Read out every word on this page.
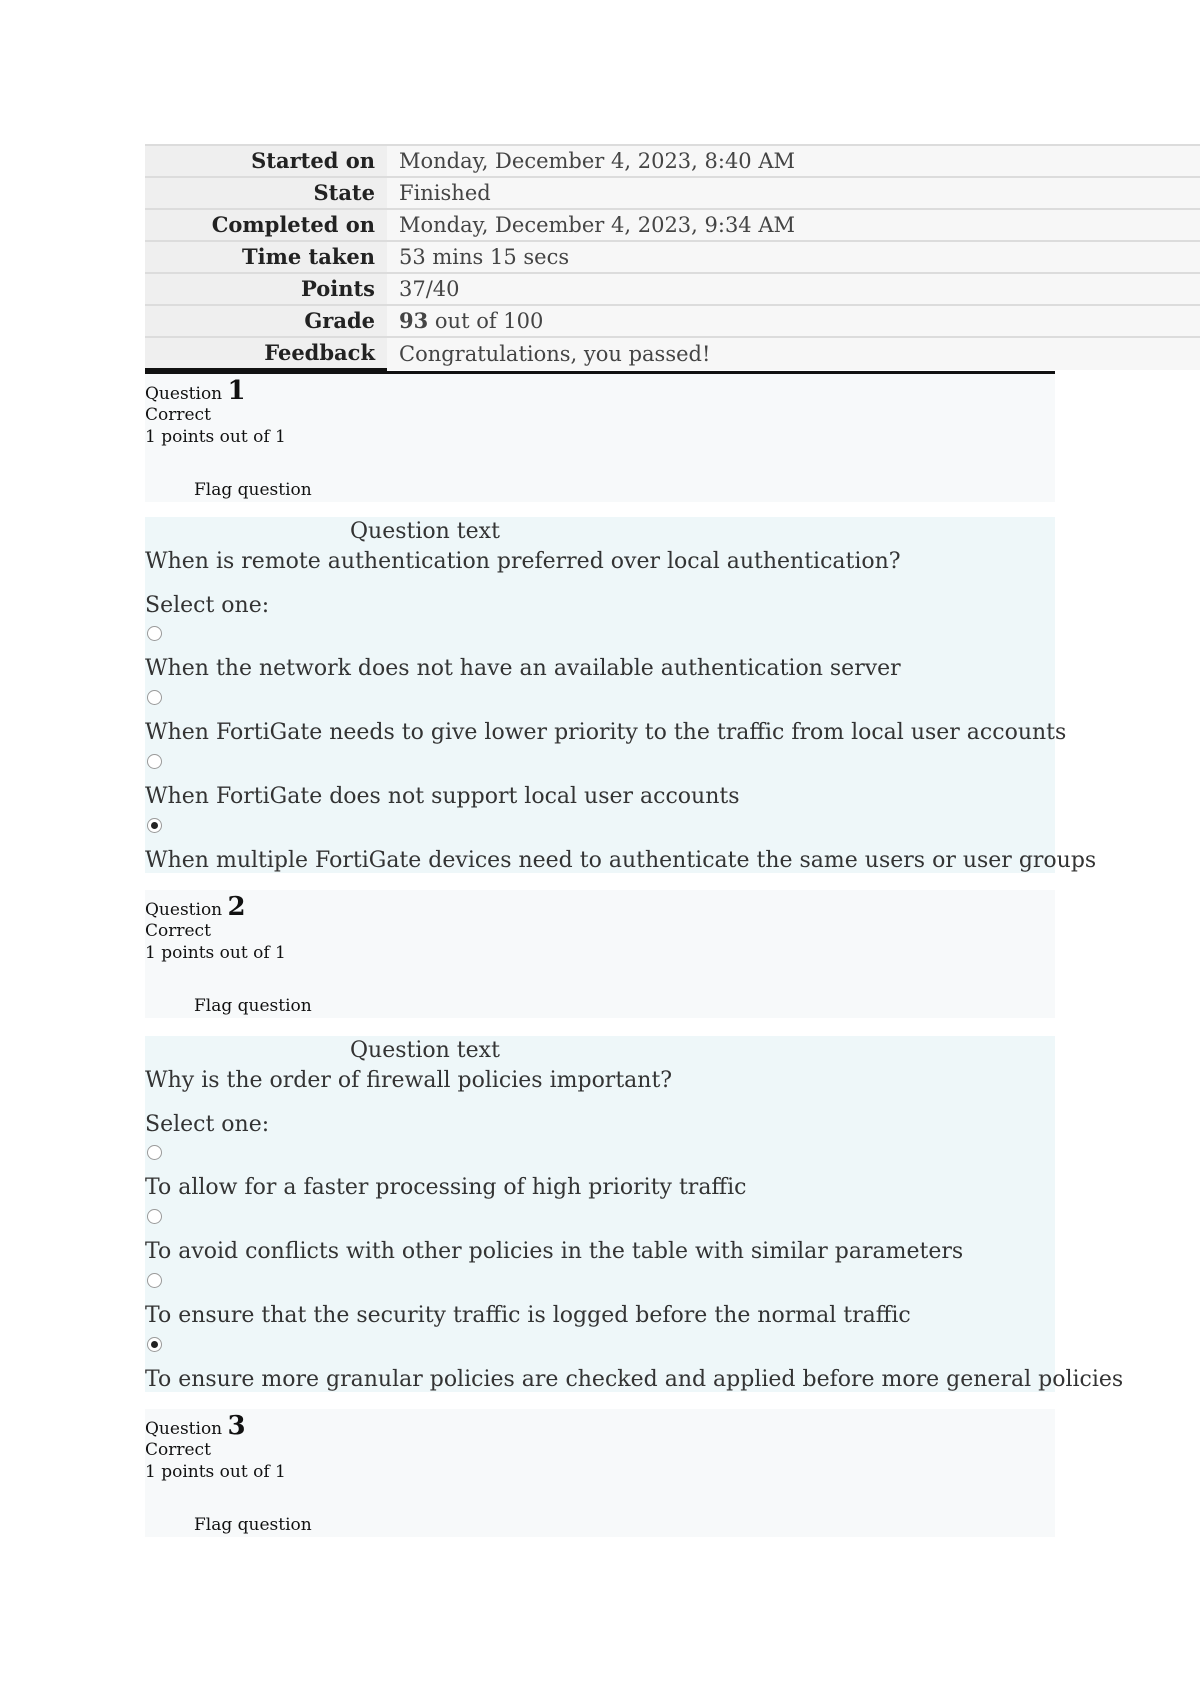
Started on	Monday, December 4, 2023, 8:40 AM
State	Finished
Completed on	Monday, December 4, 2023, 9:34 AM
Time taken	53 mins 15 secs
Points	37/40
Grade	93 out of 100
Feedback	Congratulations, you passed!
Question 1
Correct
1 points out of 1
Flag question
Question text
When is remote authentication preferred over local authentication?
Select one:
When the network does not have an available authentication server
When FortiGate needs to give lower priority to the traffic from local user accounts
When FortiGate does not support local user accounts
When multiple FortiGate devices need to authenticate the same users or user groups
Question 2
Correct
1 points out of 1
Flag question
Question text
Why is the order of firewall policies important?
Select one:
To allow for a faster processing of high priority traffic
To avoid conflicts with other policies in the table with similar parameters
To ensure that the security traffic is logged before the normal traffic
To ensure more granular policies are checked and applied before more general policies
Question 3
Correct
1 points out of 1
Flag question
